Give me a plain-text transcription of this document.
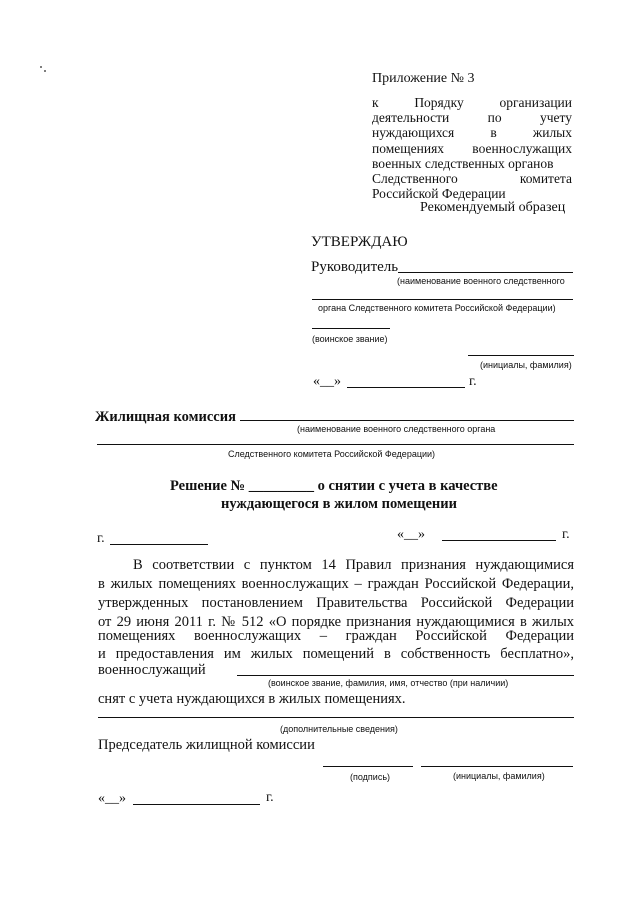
Приложение № 3
к	Порядку	организации
деятельности	по	учету
нуждающихся	в	жилых
помещениях военнослужащих
военных следственных органов
Следственного	комитета
Российской Федерации
Рекомендуемый образец
УТВЕРЖДАЮ
Руководитель
(наименование военного следственного
органа Следственного комитета Российской Федерации)
(воинское звание)
(инициалы, фамилия)
«__»	г.
Жилищная комиссия
(наименование военного следственного органа
Следственного комитета Российской Федерации)
Решение № _________ о снятии с учета в качестве
нуждающегося в жилом помещении
г.	«__»	г.
В соответствии с пунктом 14 Правил признания нуждающимися
в жилых помещениях военнослужащих – граждан Российской Федерации,
утвержденных постановлением Правительства Российской Федерации
от 29 июня 2011 г. № 512 «О порядке признания нуждающимися в жилых
помещениях военнослужащих – граждан Российской Федерации
и предоставления им жилых помещений в собственность бесплатно»,
военнослужащий
(воинское звание, фамилия, имя, отчество (при наличии)
снят с учета нуждающихся в жилых помещениях.
(дополнительные сведения)
Председатель жилищной комиссии
(подпись)	(инициалы, фамилия)
«__»	г.
